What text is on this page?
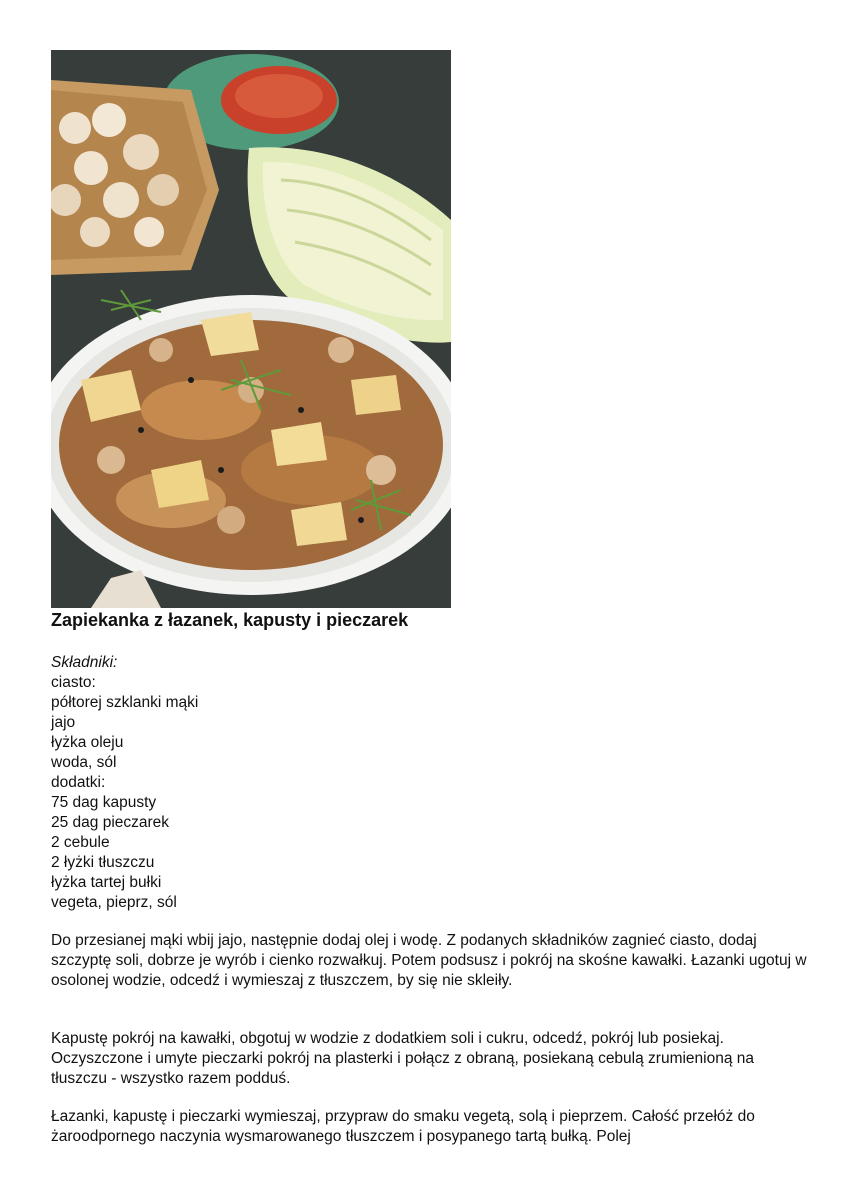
Zapiekanka z łazanek, kapusty i pieczarek
Składniki:
ciasto:
półtorej szklanki mąki
jajo
łyżka oleju
woda, sól
dodatki:
75 dag kapusty
25 dag pieczarek
2 cebule
2 łyżki tłuszczu
łyżka tartej bułki
vegeta, pieprz, sól

Do przesianej mąki wbij jajo, następnie dodaj olej i wodę. Z podanych składników zagnieć ciasto, dodaj szczyptę soli, dobrze je wyrób i cienko rozwałkuj. Potem podsusz i pokrój na skośne kawałki. Łazanki ugotuj w osolonej wodzie, odcedź i wymieszaj z tłuszczem, by się nie skleiły.

Kapustę pokrój na kawałki, obgotuj w wodzie z dodatkiem soli i cukru, odcedź, pokrój lub posiekaj. Oczyszczone i umyte pieczarki pokrój na plasterki i połącz z obraną, posiekaną cebulą zrumienioną na tłuszczu - wszystko razem podduś.

Łazanki, kapustę i pieczarki wymieszaj, przypraw do smaku vegetą, solą i pieprzem. Całość przełóż do żaroodpornego naczynia wysmarowanego tłuszczem i posypanego tartą bułką. Polej
